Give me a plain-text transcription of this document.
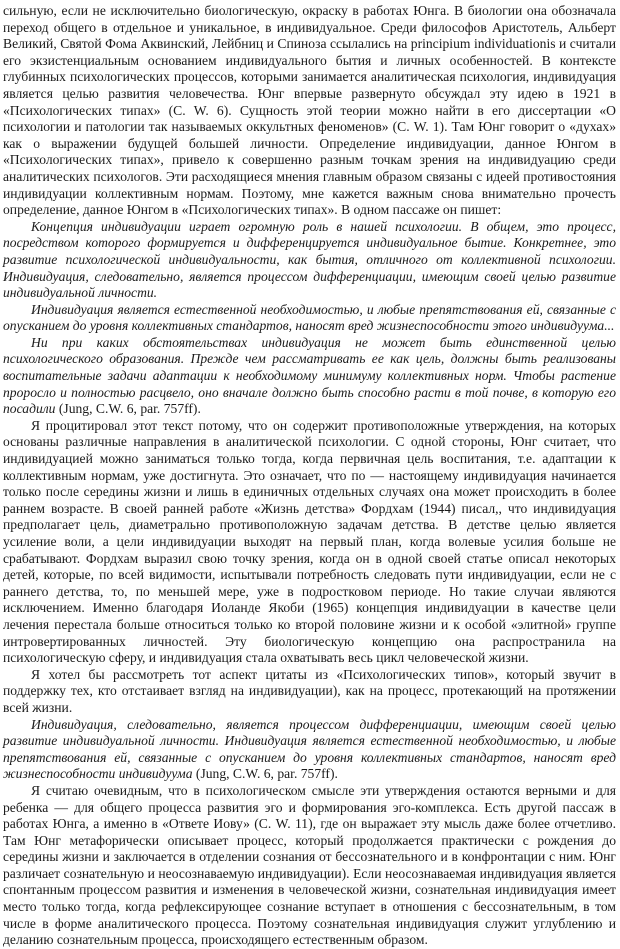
сильную, если не исключительно биологическую, окраску в работах Юнга. В биологии она обозначала переход общего в отдельное и уникальное, в индивидуальное. Среди философов Аристотель, Альберт Великий, Святой Фома Аквинский, Лейбниц и Спиноза ссылались на principium individuationis и считали его экзистенциальным основанием индивидуального бытия и личных особенностей. В контексте глубинных психологических процессов, которыми занимается аналитическая психология, индивидуация является целью развития человечества. Юнг впервые развернуто обсуждал эту идею в 1921 в «Психологических типах» (С. W. 6). Сущность этой теории можно найти в его диссертации «О психологии и патологии так называемых оккультных феноменов» (С. W. 1). Там Юнг говорит о «духах» как о выражении будущей большей личности. Определение индивидуации, данное Юнгом в «Психологических типах», привело к совершенно разным точкам зрения на индивидуацию среди аналитических психологов. Эти расходящиеся мнения главным образом связаны с идеей противостояния индивидуации коллективным нормам. Поэтому, мне кажется важным снова внимательно прочесть определение, данное Юнгом в «Психологических типах». В одном пассаже он пишет:

Концепция индивидуации играет огромную роль в нашей психологии. В общем, это процесс, посредством которого формируется и дифференцируется индивидуальное бытие. Конкретнее, это развитие психологической индивидуальности, как бытия, отличного от коллективной психологии. Индивидуация, следовательно, является процессом дифференциации, имеющим своей целью развитие индивидуальной личности.

Индивидуация является естественной необходимостью, и любые препятствования ей, связанные с опусканием до уровня коллективных стандартов, наносят вред жизнеспособности этого индивидуума...

Ни при каких обстоятельствах индивидуация не может быть единственной целью психологического образования. Прежде чем рассматривать ее как цель, должны быть реализованы воспитательные задачи адаптации к необходимому минимуму коллективных норм. Чтобы растение проросло и полностью расцвело, оно вначале должно быть способно расти в той почве, в которую его посадили (Jung, C.W. 6, par. 757ff).

Я процитировал этот текст потому, что он содержит противоположные утверждения, на которых основаны различные направления в аналитической психологии. С одной стороны, Юнг считает, что индивидуацией можно заниматься только тогда, когда первичная цель воспитания, т.е. адаптации к коллективным нормам, уже достигнута. Это означает, что по — настоящему индивидуация начинается только после середины жизни и лишь в единичных отдельных случаях она может происходить в более раннем возрасте. В своей ранней работе «Жизнь детства» Фордхам (1944) писал,, что индивидуация предполагает цель, диаметрально противоположную задачам детства. В детстве целью является усиление воли, а цели индивидуации выходят на первый план, когда волевые усилия больше не срабатывают. Фордхам выразил свою точку зрения, когда он в одной своей статье описал некоторых детей, которые, по всей видимости, испытывали потребность следовать пути индивидуации, если не с раннего детства, то, по меньшей мере, уже в подростковом периоде. Но такие случаи являются исключением. Именно благодаря Иоланде Якоби (1965) концепция индивидуации в качестве цели лечения перестала больше относиться только ко второй половине жизни и к особой «элитной» группе интровертированных личностей. Эту биологическую концепцию она распространила на психологическую сферу, и индивидуация стала охватывать весь цикл человеческой жизни.

Я хотел бы рассмотреть тот аспект цитаты из «Психологических типов», который звучит в поддержку тех, кто отстаивает взгляд на индивидуации), как на процесс, протекающий на протяжении всей жизни.

Индивидуация, следовательно, является процессом дифференциации, имеющим своей целью развитие индивидуальной личности. Индивидуация является естественной необходимостью, и любые препятствования ей, связанные с опусканием до уровня коллективных стандартов, наносят вред жизнеспособности индивидуума (Jung, C.W. 6, par. 757ff).

Я считаю очевидным, что в психологическом смысле эти утверждения остаются верными и для ребенка — для общего процесса развития эго и формирования эго-комплекса. Есть другой пассаж в работах Юнга, а именно в «Ответе Иову» (С. W. 11), где он выражает эту мысль даже более отчетливо. Там Юнг метафорически описывает процесс, который продолжается практически с рождения до середины жизни и заключается в отделении сознания от бессознательного и в конфронтации с ним. Юнг различает сознательную и неосознаваемую индивидуации). Если неосознаваемая индивидуация является спонтанным процессом развития и изменения в человеческой жизни, сознательная индивидуация имеет место только тогда, когда рефлексирующее сознание вступает в отношения с бессознательным, в том числе в форме аналитического процесса. Поэтому сознательная индивидуация служит углублению и деланию сознательным процесса, происходящего естественным образом.
